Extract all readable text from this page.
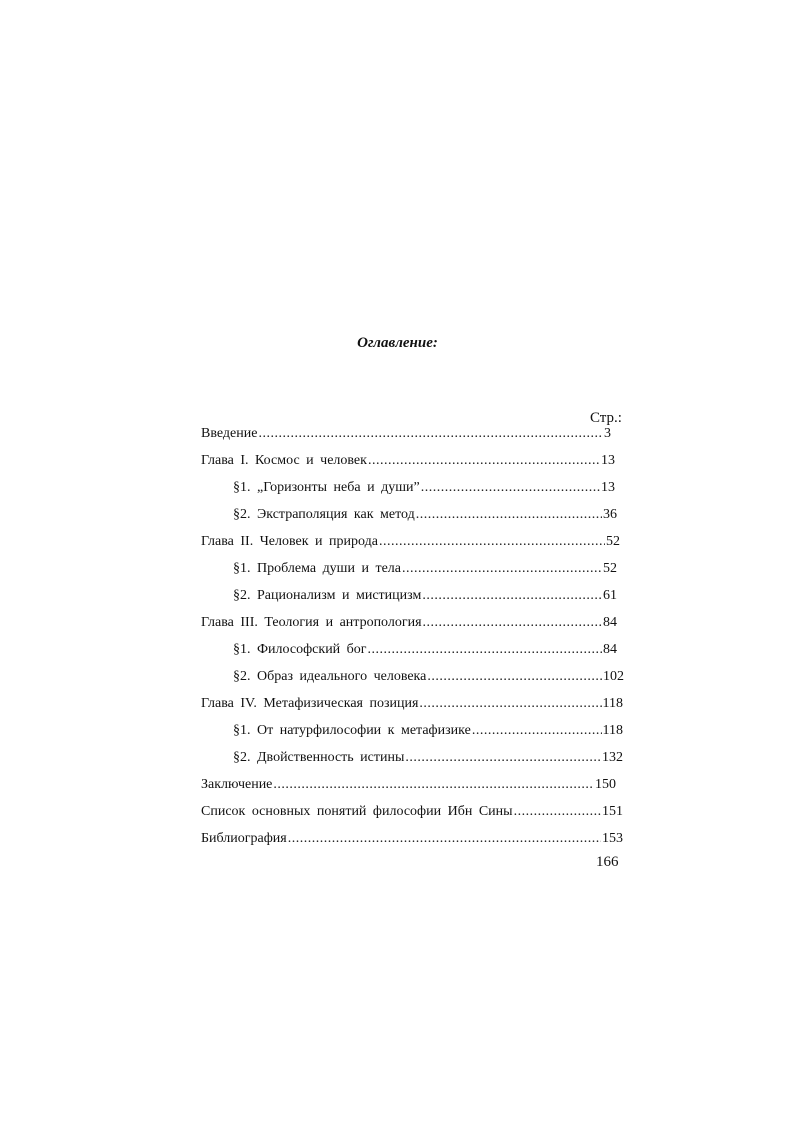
Оглавление:
Стр.:
Введение .....	3
Глава I. Космос и человек .....	13
§1. „Горизонты неба и души” .....	13
§2. Экстраполяция как метод .....	36
Глава II. Человек и природа .....	52
§1. Проблема души и тела .....	52
§2. Рационализм и мистицизм .....	61
Глава III. Теология и антропология .....	84
§1. Философский бог .....	84
§2. Образ идеального человека .....	102
Глава IV. Метафизическая позиция .....	118
§1. От натурфилософии к метафизике .....	118
§2. Двойственность истины .....	132
Заключение .....	150
Список основных понятий философии Ибн Сины .....	151
Библиография .....	153
166
